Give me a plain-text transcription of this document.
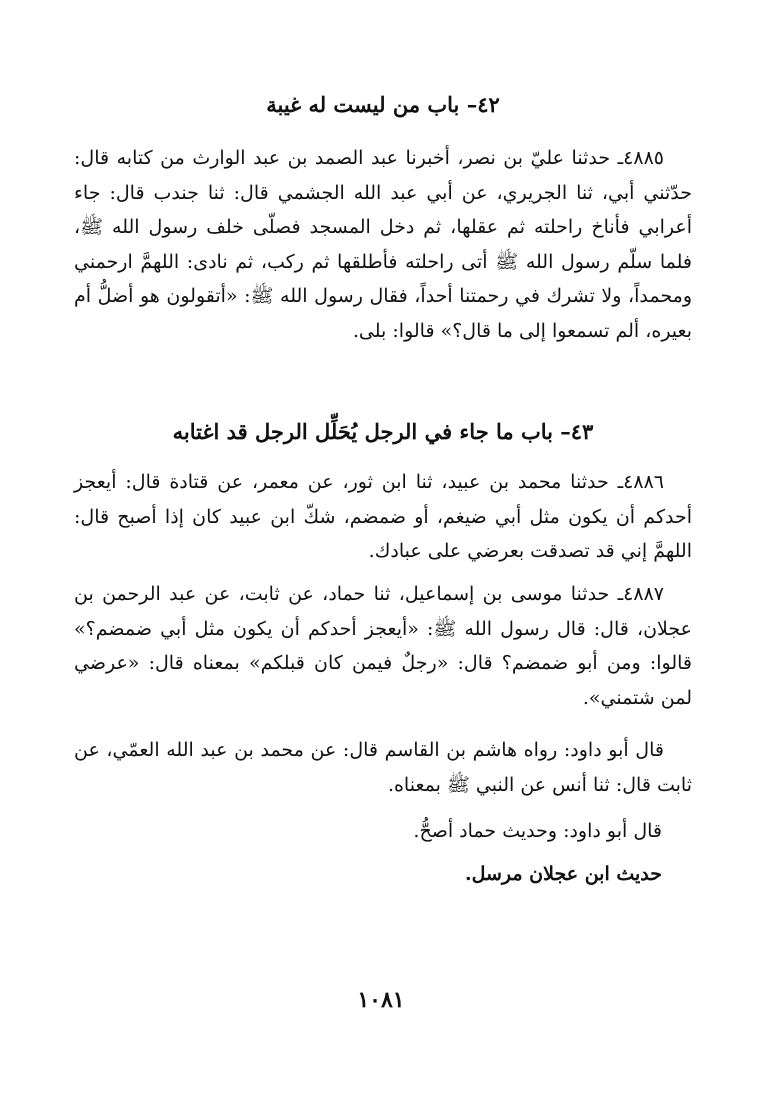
٤٢– باب من ليست له غيبة

٤٨٨٥ـ حدثنا عليّ بن نصر، أخبرنا عبد الصمد بن عبد الوارث من كتابه قال: حدّثني أبي، ثنا الجريري، عن أبي عبد الله الجشمي قال: ثنا جندب قال: جاء أعرابي فأناخ راحلته ثم عقلها، ثم دخل المسجد فصلّى خلف رسول الله ﷺ، فلما سلّم رسول الله ﷺ أتى راحلته فأطلقها ثم ركب، ثم نادى: اللهمَّ ارحمني ومحمداً، ولا تشرك في رحمتنا أحداً، فقال رسول الله ﷺ: «أتقولون هو أضلُّ أم بعيره، ألم تسمعوا إلى ما قال؟» قالوا: بلى.

٤٣– باب ما جاء في الرجل يُحَلِّل الرجل قد اغتابه

٤٨٨٦ـ حدثنا محمد بن عبيد، ثنا ابن ثور، عن معمر، عن قتادة قال: أيعجز أحدكم أن يكون مثل أبي ضيغم، أو ضمضم، شكّ ابن عبيد كان إذا أصبح قال: اللهمَّ إني قد تصدقت بعرضي على عبادك.

٤٨٨٧ـ حدثنا موسى بن إسماعيل، ثنا حماد، عن ثابت، عن عبد الرحمن بن عجلان، قال: قال رسول الله ﷺ: «أيعجز أحدكم أن يكون مثل أبي ضمضم؟» قالوا: ومن أبو ضمضم؟ قال: «رجلٌ فيمن كان قبلكم» بمعناه قال: «عرضي لمن شتمني».

قال أبو داود: رواه هاشم بن القاسم قال: عن محمد بن عبد الله العمّي، عن ثابت قال: ثنا أنس عن النبي ﷺ بمعناه.

قال أبو داود: وحديث حماد أصحُّ.
حديث ابن عجلان مرسل.
١٠٨١
